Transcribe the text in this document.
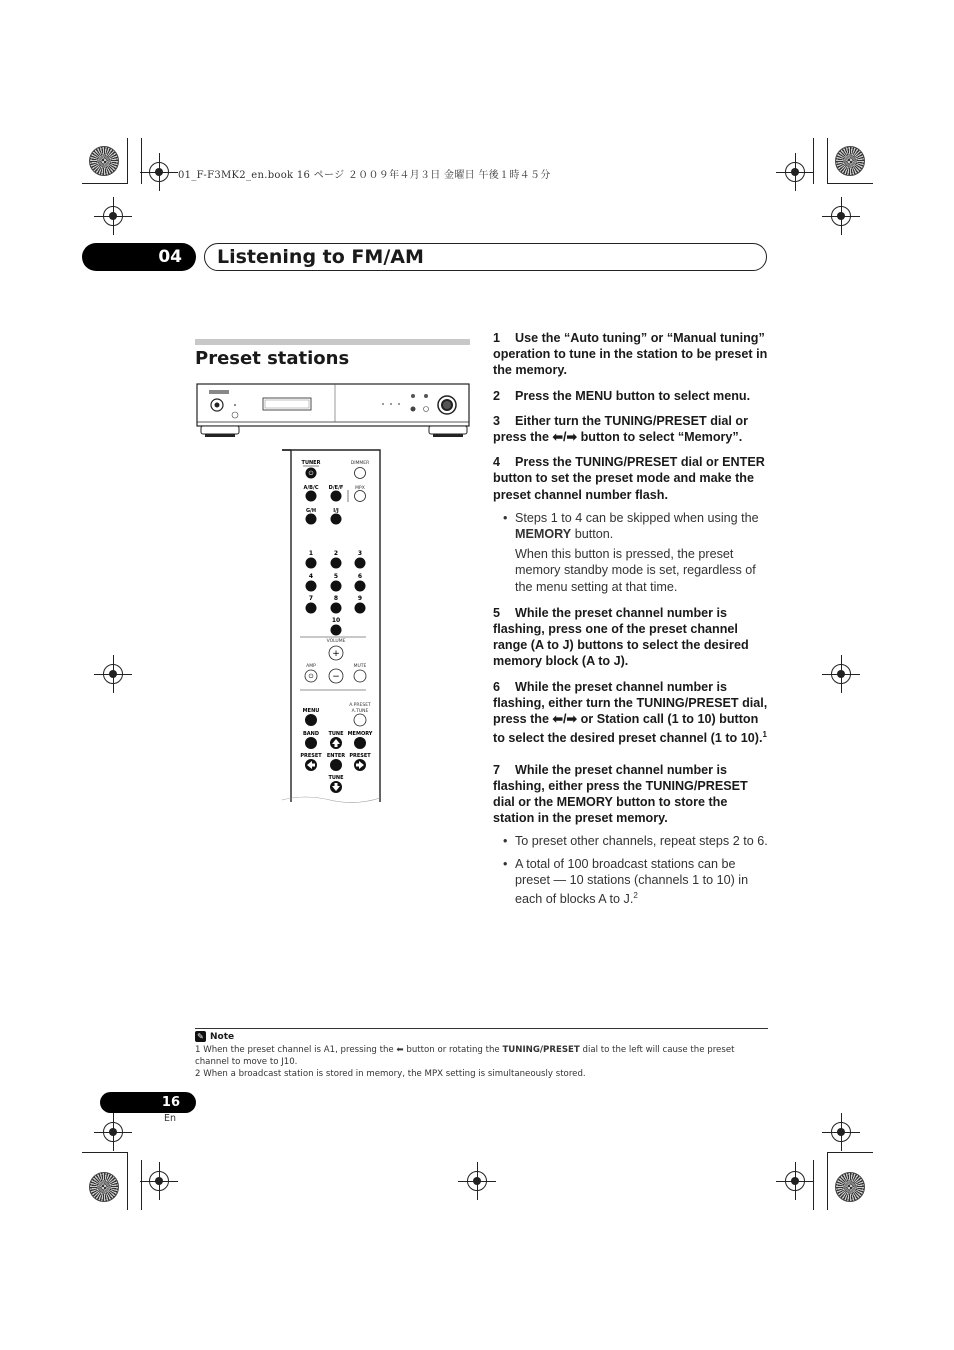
01_F-F3MK2_en.book 16 ページ ２００９年４月３日 金曜日 午後１時４５分
04	Listening to FM/AM
Preset stations
TUNER
⏻
DIMMER
A/B/C D/E/F	MPX
G/H	I/J
1	2	3
4	5	6
7	8	9
10
VOLUME
+
−
AMP
⏻
MUTE
A.PRESET
A.TUNE
MENU
BAND TUNE MEMORY
PRESET ENTER PRESET
TUNE
1 Use the “Auto tuning” or “Manual tuning” operation to tune in the station to be preset in the memory.
2 Press the MENU button to select menu.
3 Either turn the TUNING/PRESET dial or press the ⬅/➡ button to select “Memory”.
4 Press the TUNING/PRESET dial or ENTER button to set the preset mode and make the preset channel number flash.
• Steps 1 to 4 can be skipped when using the MEMORY button.
When this button is pressed, the preset memory standby mode is set, regardless of the menu setting at that time.
5 While the preset channel number is flashing, press one of the preset channel range (A to J) buttons to select the desired memory block (A to J).
6 While the preset channel number is flashing, either turn the TUNING/PRESET dial, press the ⬅/➡ or Station call (1 to 10) button to select the desired preset channel (1 to 10).$^1$
7 While the preset channel number is flashing, either press the TUNING/PRESET dial or the MEMORY button to store the station in the preset memory.
• To preset other channels, repeat steps 2 to 6.
• A total of 100 broadcast stations can be preset — 10 stations (channels 1 to 10) in each of blocks A to J.$^2$
✎ Note
1 When the preset channel is A1, pressing the ⬅ button or rotating the TUNING/PRESET dial to the left will cause the preset channel to move to J10.
2 When a broadcast station is stored in memory, the MPX setting is simultaneously stored.
16
En
